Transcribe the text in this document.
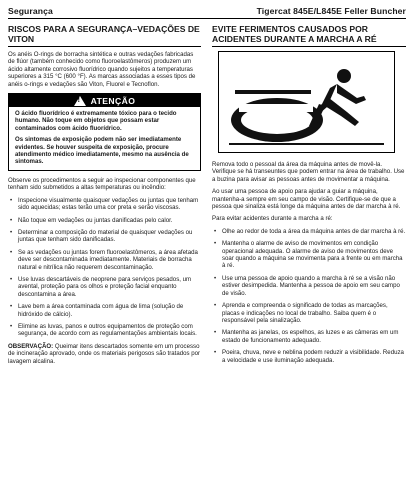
Segurança	Tigercat 845E/L845E Feller Buncher
RISCOS PARA A SEGURANÇA–VEDAÇÕES DE VITON

Os anéis O-rings de borracha sintética e outras vedações fabricadas de flúor (também conhecido como fluoroelastômeros) produzem um ácido altamente corrosivo fluorídrico quando sujeitos a temperaturas superiores a 315 °C (600 °F). As marcas associadas a esses tipos de anéis o-rings e vedações são Viton, Fluorel e Tecnoflon.

! ATENÇÃO
O ácido fluorídrico é extremamente tóxico para o tecido humano. Não toque em objetos que possam estar contaminados com ácido fluorídrico.
Os sintomas de exposição podem não ser imediatamente evidentes. Se houver suspeita de exposição, procure atendimento médico imediatamente, mesmo na ausência de sintomas.

Observe os procedimentos a seguir ao inspecionar componentes que tenham sido submetidos a altas temperaturas ou incêndio:

• Inspecione visualmente quaisquer vedações ou juntas que tenham sido aquecidas; estas terão uma cor preta e serão viscosas.
• Não toque em vedações ou juntas danificadas pelo calor.
• Determinar a composição do material de quaisquer vedações ou juntas que tenham sido danificadas.
• Se as vedações ou juntas forem fluoroelastômeros, a área afetada deve ser descontaminada imediatamente. Materiais de borracha natural e nitrílica não requerem descontaminação.
• Use luvas descartáveis de neoprene para serviços pesados, um avental, proteção para os olhos e proteção facial enquanto descontamina a área.
• Lave bem a área contaminada com água de lima (solução de hidróxido de cálcio).
• Elimine as luvas, panos e outros equipamentos de proteção com segurança, de acordo com as regulamentações ambientais locais.

OBSERVAÇÃO: Queimar itens descartados somente em um processo de incineração aprovado, onde os materiais perigosos são tratados por lavagem alcalina.

EVITE FERIMENTOS CAUSADOS POR ACIDENTES DURANTE A MARCHA A RÉ

Remova todo o pessoal da área da máquina antes de movê-la. Verifique se há transeuntes que podem entrar na área de trabalho. Use a buzina para avisar as pessoas antes de movimentar a máquina.

Ao usar uma pessoa de apoio para ajudar a guiar a máquina, mantenha-a sempre em seu campo de visão. Certifique-se de que a pessoa que sinaliza está longe da máquina antes de dar marcha à ré.

Para evitar acidentes durante a marcha a ré:

• Olhe ao redor de toda a área da máquina antes de dar marcha à ré.
• Mantenha o alarme de aviso de movimentos em condição operacional adequada. O alarme de aviso de movimentos deve soar quando a máquina se movimenta para a frente ou em marcha à ré.
• Use uma pessoa de apoio quando a marcha à ré se a visão não estiver desimpedida. Mantenha a pessoa de apoio em seu campo de visão.
• Aprenda e compreenda o significado de todas as marcações, placas e indicações no local de trabalho. Saiba quem é o responsável pela sinalização.
• Mantenha as janelas, os espelhos, as luzes e as câmeras em um estado de funcionamento adequado.
• Poeira, chuva, neve e neblina podem reduzir a visibilidade. Reduza a velocidade e use iluminação adequada.
